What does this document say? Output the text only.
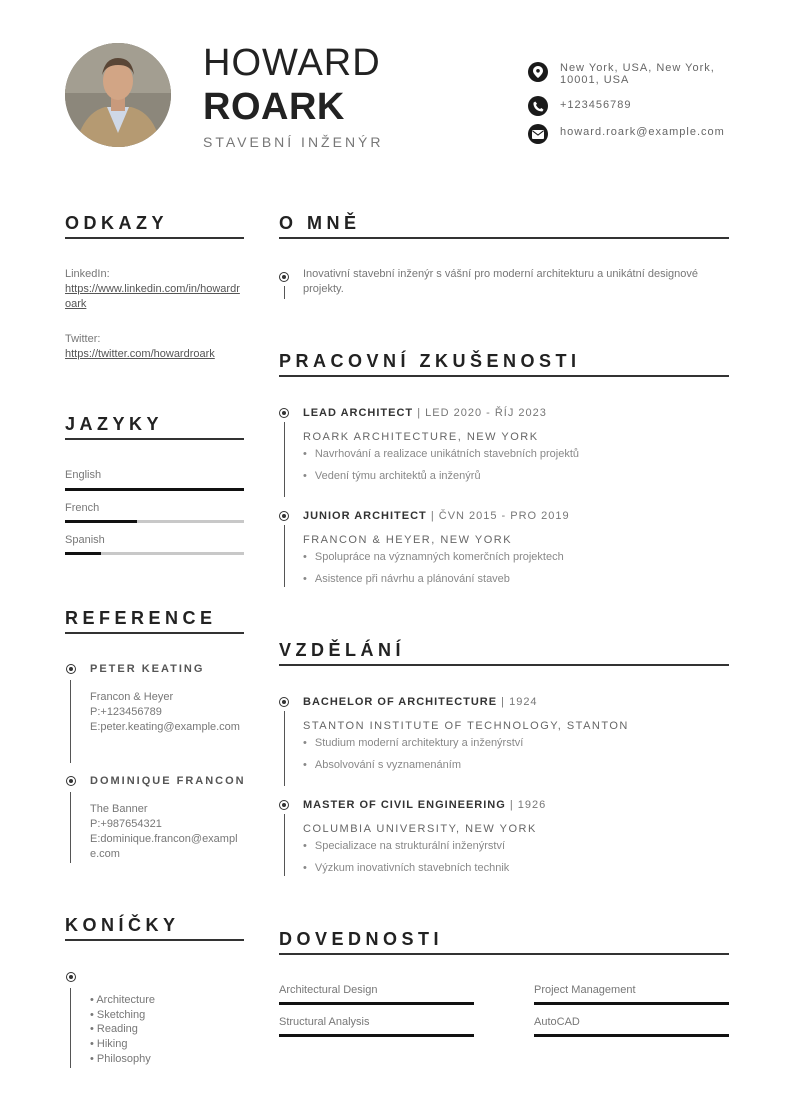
HOWARD
ROARK
STAVEBNÍ INŽENÝR
New York, USA, New York, 10001, USA
+123456789
howard.roark@example.com
ODKAZY
LinkedIn:
https://www.linkedin.com/in/howardroark
Twitter:
https://twitter.com/howardroark
JAZYKY
English
French
Spanish
REFERENCE
PETER KEATING
Francon & Heyer
P:+123456789
E:peter.keating@example.com
DOMINIQUE FRANCON
The Banner
P:+987654321
E:dominique.francon@example.com
KONÍČKY
• Architecture
• Sketching
• Reading
• Hiking
• Philosophy
O MNĚ
Inovativní stavební inženýr s vášní pro moderní architekturu a unikátní designové projekty.
PRACOVNÍ ZKUŠENOSTI
LEAD ARCHITECT | LED 2020 - ŘÍJ 2023
ROARK ARCHITECTURE, NEW YORK
• Navrhování a realizace unikátních stavebních projektů
• Vedení týmu architektů a inženýrů
JUNIOR ARCHITECT | ČVN 2015 - PRO 2019
FRANCON & HEYER, NEW YORK
• Spolupráce na významných komerčních projektech
• Asistence při návrhu a plánování staveb
VZDĚLÁNÍ
BACHELOR OF ARCHITECTURE | 1924
STANTON INSTITUTE OF TECHNOLOGY, STANTON
• Studium moderní architektury a inženýrství
• Absolvování s vyznamenáním
MASTER OF CIVIL ENGINEERING | 1926
COLUMBIA UNIVERSITY, NEW YORK
• Specializace na strukturální inženýrství
• Výzkum inovativních stavebních technik
DOVEDNOSTI
Architectural Design	Project Management
Structural Analysis	AutoCAD
